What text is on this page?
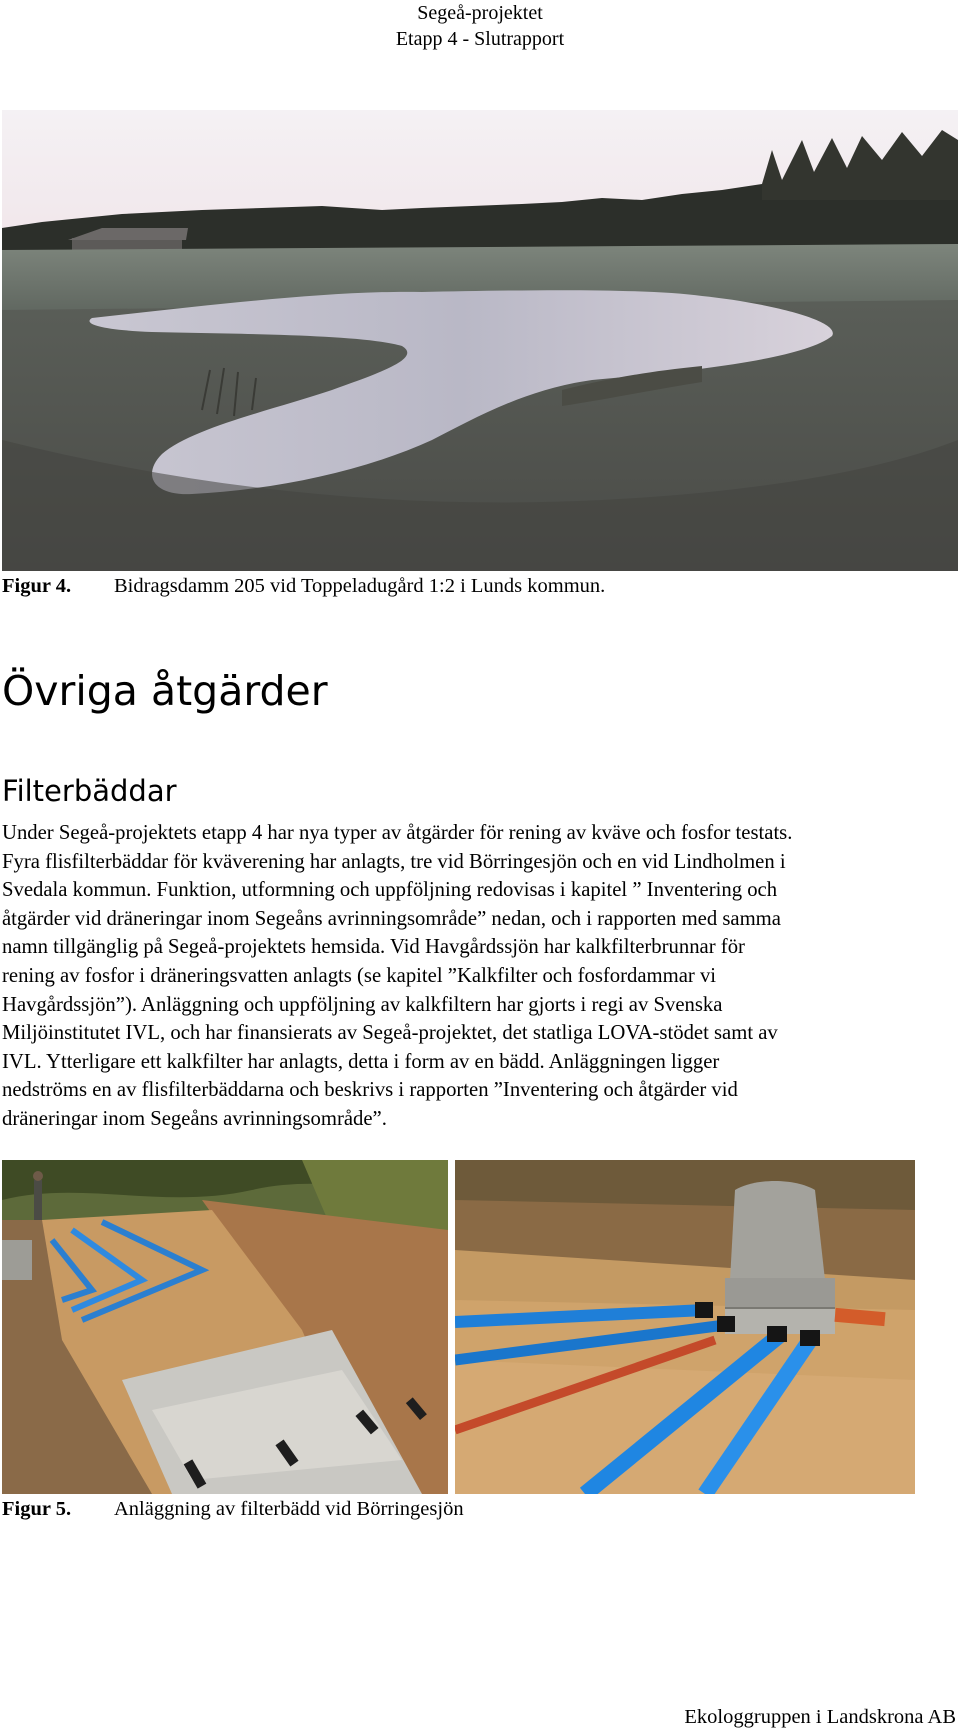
Segeå-projektet
Etapp 4 - Slutrapport
Figur 4. Bidragsdamm 205 vid Toppeladugård 1:2 i Lunds kommun.
Övriga åtgärder
Filterbäddar
Under Segeå-projektets etapp 4 har nya typer av åtgärder för rening av kväve och fosfor testats.
Fyra flisfilterbäddar för kväverening har anlagts, tre vid Börringesjön och en vid Lindholmen i
Svedala kommun. Funktion, utformning och uppföljning redovisas i kapitel ” Inventering och
åtgärder vid dräneringar inom Segeåns avrinningsområde” nedan, och i rapporten med samma
namn tillgänglig på Segeå-projektets hemsida. Vid Havgårdssjön har kalkfilterbrunnar för
rening av fosfor i dräneringsvatten anlagts (se kapitel ”Kalkfilter och fosfordammar vi
Havgårdssjön”). Anläggning och uppföljning av kalkfiltern har gjorts i regi av Svenska
Miljöinstitutet IVL, och har finansierats av Segeå-projektet, det statliga LOVA-stödet samt av
IVL. Ytterligare ett kalkfilter har anlagts, detta i form av en bädd. Anläggningen ligger
nedströms en av flisfilterbäddarna och beskrivs i rapporten ”Inventering och åtgärder vid
dräneringar inom Segeåns avrinningsområde”.
Figur 5. Anläggning av filterbädd vid Börringesjön
Ekologgruppen i Landskrona AB
